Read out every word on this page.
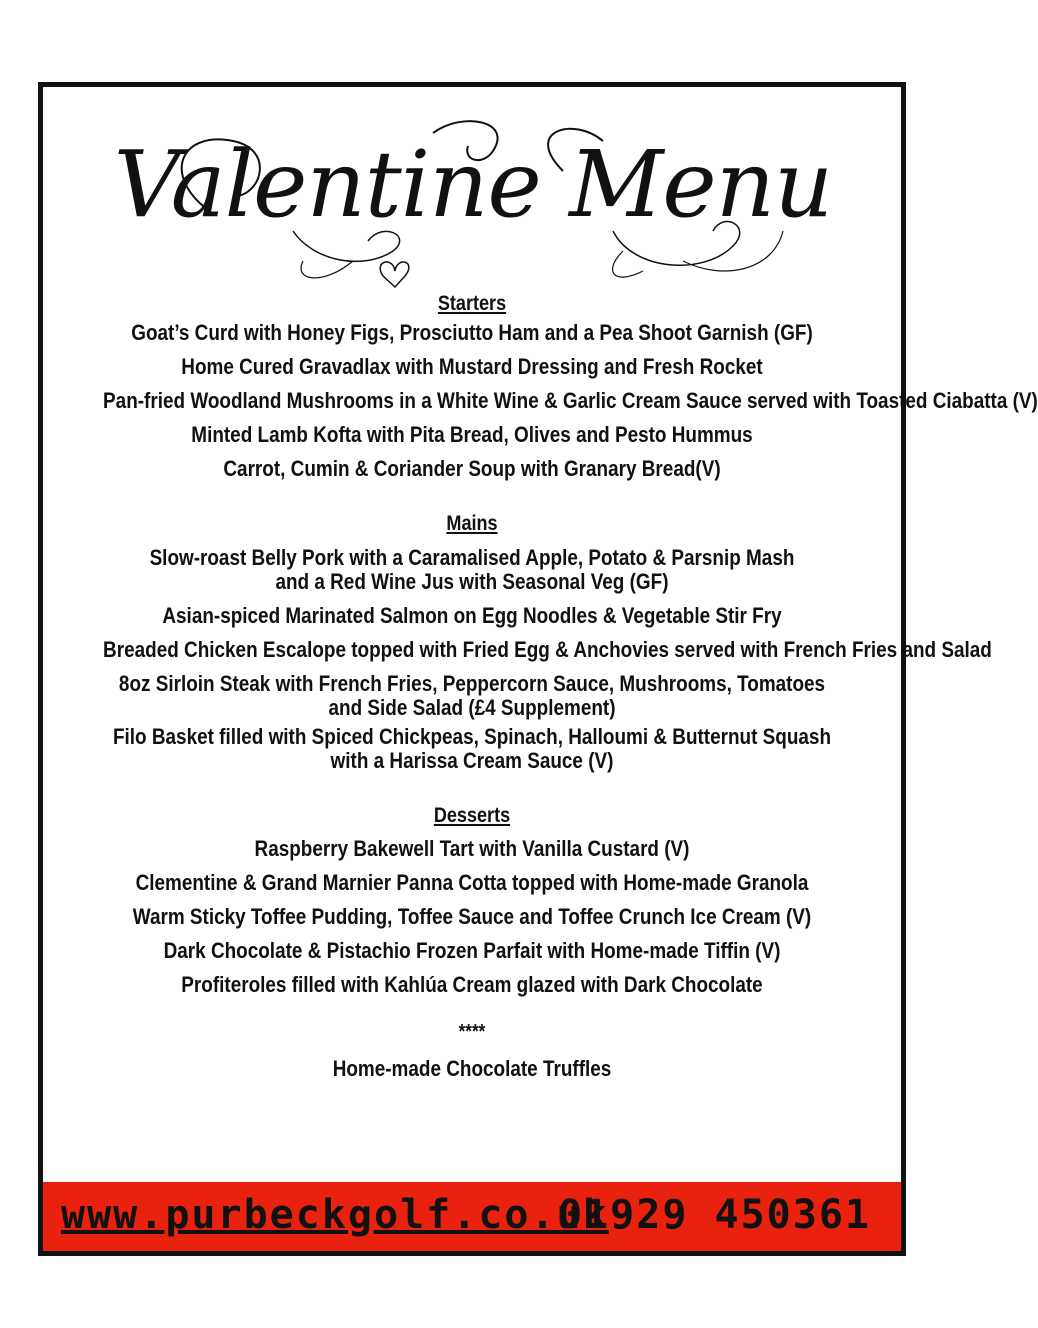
Valentine Menu
Starters
Goat’s Curd with Honey Figs, Prosciutto Ham and a Pea Shoot Garnish (GF)
Home Cured Gravadlax with Mustard Dressing and Fresh Rocket
Pan-fried Woodland Mushrooms in a White Wine & Garlic Cream Sauce served with Toasted Ciabatta (V)
Minted Lamb Kofta with Pita Bread, Olives and Pesto Hummus
Carrot, Cumin & Coriander Soup with Granary Bread(V)
Mains
Slow-roast Belly Pork with a Caramalised Apple, Potato & Parsnip Mash
and a Red Wine Jus with Seasonal Veg (GF)
Asian-spiced Marinated Salmon on Egg Noodles & Vegetable Stir Fry
Breaded Chicken Escalope topped with Fried Egg & Anchovies served with French Fries and Salad
8oz Sirloin Steak with French Fries, Peppercorn Sauce, Mushrooms, Tomatoes
and Side Salad (£4 Supplement)
Filo Basket filled with Spiced Chickpeas, Spinach, Halloumi & Butternut Squash
with a Harissa Cream Sauce (V)
Desserts
Raspberry Bakewell Tart with Vanilla Custard (V)
Clementine & Grand Marnier Panna Cotta topped with Home-made Granola
Warm Sticky Toffee Pudding, Toffee Sauce and Toffee Crunch Ice Cream (V)
Dark Chocolate & Pistachio Frozen Parfait with Home-made Tiffin (V)
Profiteroles filled with Kahlúa Cream glazed with Dark Chocolate
****
Home-made Chocolate Truffles
www.purbeckgolf.co.uk
01929 450361
